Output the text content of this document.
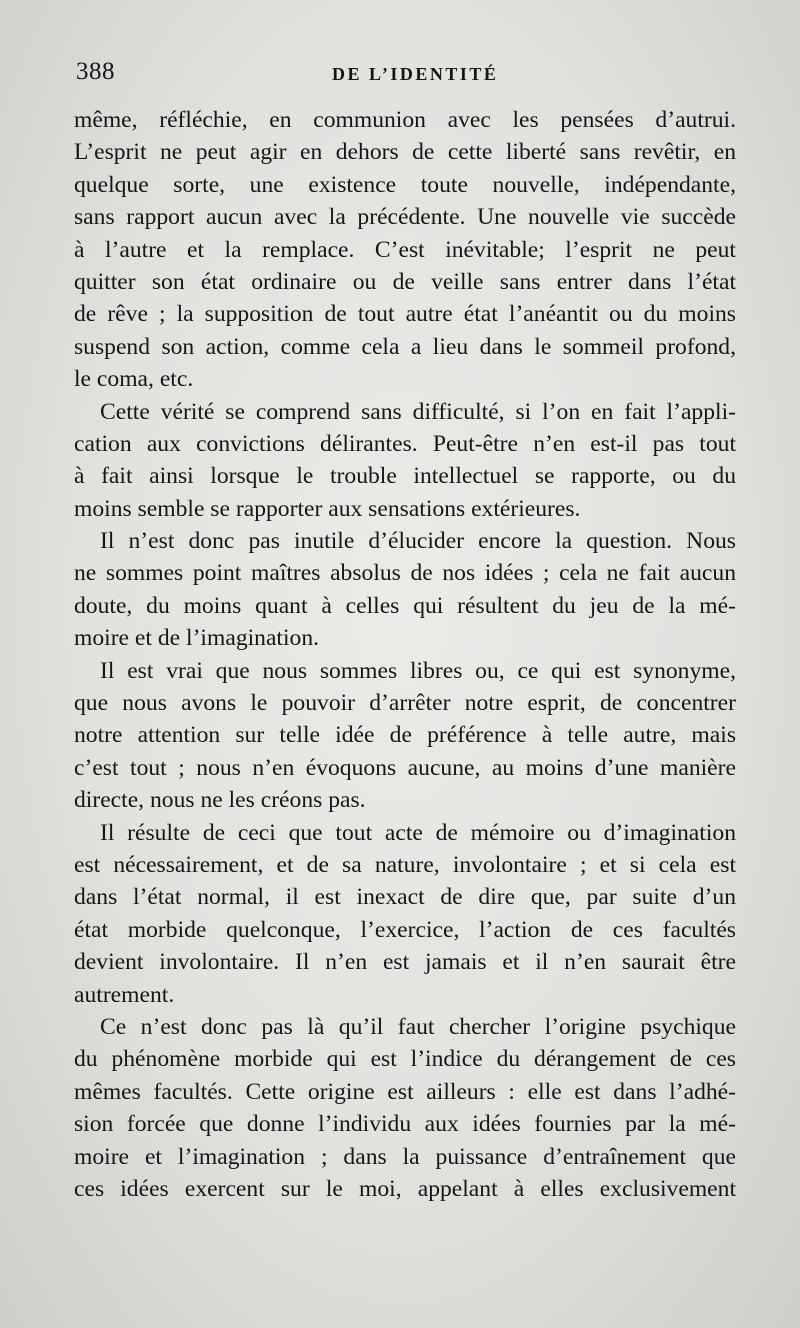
388	DE L’IDENTITÉ
même, réfléchie, en communion avec les pensées d’autrui.
L’esprit ne peut agir en dehors de cette liberté sans revêtir, en
quelque sorte, une existence toute nouvelle, indépendante,
sans rapport aucun avec la précédente. Une nouvelle vie succède
à l’autre et la remplace. C’est inévitable; l’esprit ne peut
quitter son état ordinaire ou de veille sans entrer dans l’état
de rêve ; la supposition de tout autre état l’anéantit ou du moins
suspend son action, comme cela a lieu dans le sommeil profond,
le coma, etc.
Cette vérité se comprend sans difficulté, si l’on en fait l’appli-
cation aux convictions délirantes. Peut-être n’en est-il pas tout
à fait ainsi lorsque le trouble intellectuel se rapporte, ou du
moins semble se rapporter aux sensations extérieures.
Il n’est donc pas inutile d’élucider encore la question. Nous
ne sommes point maîtres absolus de nos idées ; cela ne fait aucun
doute, du moins quant à celles qui résultent du jeu de la mé-
moire et de l’imagination.
Il est vrai que nous sommes libres ou, ce qui est synonyme,
que nous avons le pouvoir d’arrêter notre esprit, de concentrer
notre attention sur telle idée de préférence à telle autre, mais
c’est tout ; nous n’en évoquons aucune, au moins d’une manière
directe, nous ne les créons pas.
Il résulte de ceci que tout acte de mémoire ou d’imagination
est nécessairement, et de sa nature, involontaire ; et si cela est
dans l’état normal, il est inexact de dire que, par suite d’un
état morbide quelconque, l’exercice, l’action de ces facultés
devient involontaire. Il n’en est jamais et il n’en saurait être
autrement.
Ce n’est donc pas là qu’il faut chercher l’origine psychique
du phénomène morbide qui est l’indice du dérangement de ces
mêmes facultés. Cette origine est ailleurs : elle est dans l’adhé-
sion forcée que donne l’individu aux idées fournies par la mé-
moire et l’imagination ; dans la puissance d’entraînement que
ces idées exercent sur le moi, appelant à elles exclusivement
